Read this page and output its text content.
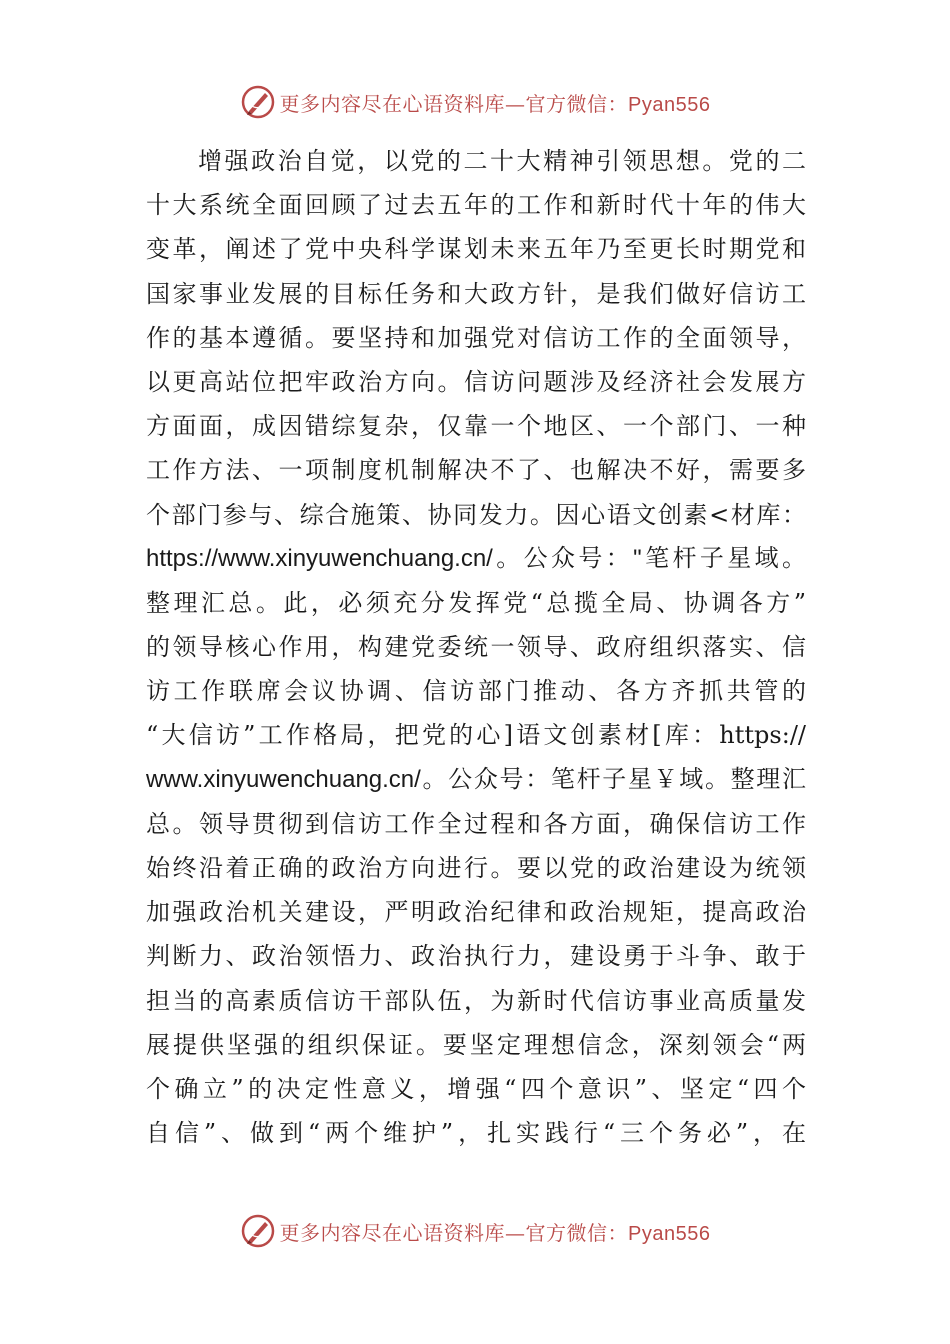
更多内容尽在心语资料库—官方微信：Pyan556
增强政治自觉，以党的二十大精神引领思想。党的二
十大系统全面回顾了过去五年的工作和新时代十年的伟大
变革，阐述了党中央科学谋划未来五年乃至更长时期党和
国家事业发展的目标任务和大政方针，是我们做好信访工
作的基本遵循。要坚持和加强党对信访工作的全面领导，
以更高站位把牢政治方向。信访问题涉及经济社会发展方
方面面，成因错综复杂，仅靠一个地区、一个部门、一种
工作方法、一项制度机制解决不了、也解决不好，需要多
个部门参与、综合施策、协同发力。因心语文创素<材库：
https://www.xinyuwenchuang.cn/。公众号："笔杆子星域。
整理汇总。此，必须充分发挥党“总揽全局、协调各方”
的领导核心作用，构建党委统一领导、政府组织落实、信
访工作联席会议协调、信访部门推动、各方齐抓共管的
“大信访”工作格局，把党的心]语文创素材[库：https://
www.xinyuwenchuang.cn/。公众号：笔杆子星￥域。整理汇
总。领导贯彻到信访工作全过程和各方面，确保信访工作
始终沿着正确的政治方向进行。要以党的政治建设为统领
加强政治机关建设，严明政治纪律和政治规矩，提高政治
判断力、政治领悟力、政治执行力，建设勇于斗争、敢于
担当的高素质信访干部队伍，为新时代信访事业高质量发
展提供坚强的组织保证。要坚定理想信念，深刻领会“两
个确立”的决定性意义，增强“四个意识”、坚定“四个
自信”、做到“两个维护”，扎实践行“三个务必”，在
更多内容尽在心语资料库—官方微信：Pyan556
